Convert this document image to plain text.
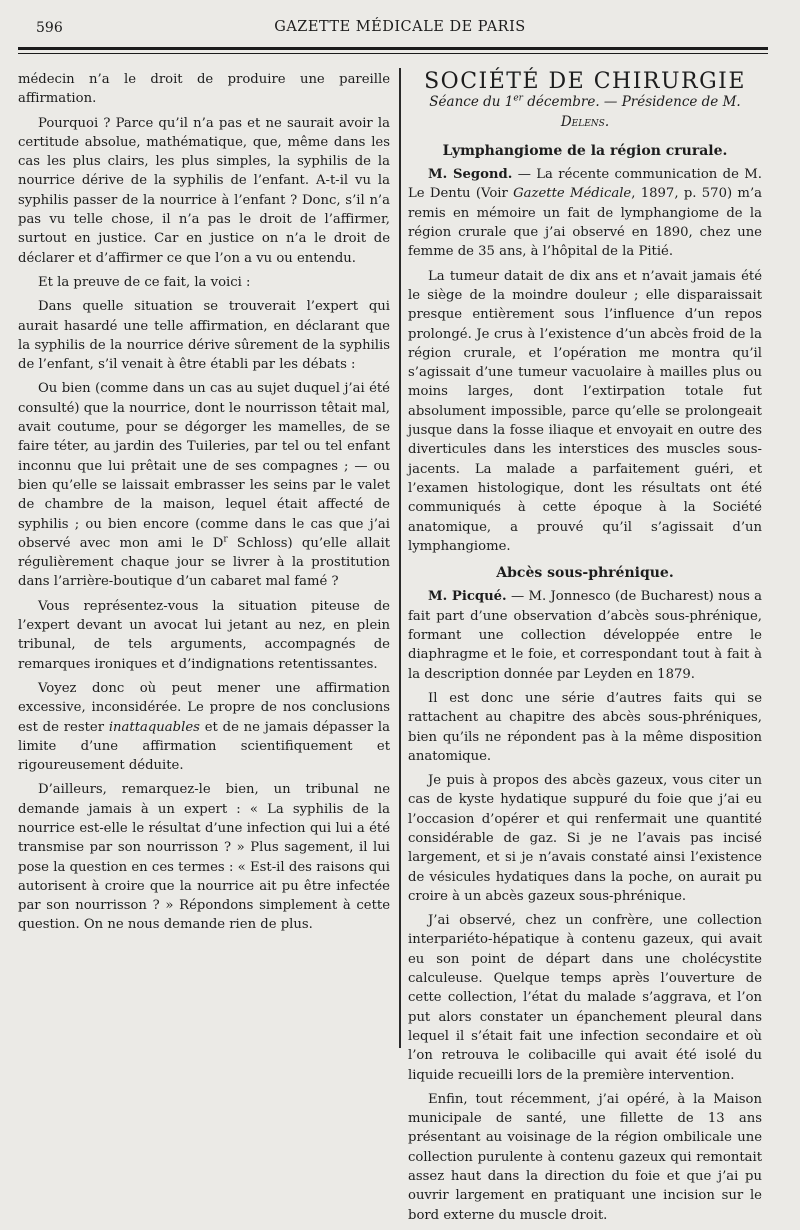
596	GAZETTE MÉDICALE DE PARIS

médecin n’a le droit de produire une pareille affirmation.

Pourquoi ? Parce qu’il n’a pas et ne saurait avoir la certitude absolue, mathématique, que, même dans les cas les plus clairs, les plus simples, la syphilis de la nourrice dérive de la syphilis de l’enfant. A-t-il vu la syphilis passer de la nourrice à l’enfant ? Donc, s’il n’a pas vu telle chose, il n’a pas le droit de l’affirmer, surtout en justice. Car en justice on n’a le droit de déclarer et d’affirmer ce que l’on a vu ou entendu.

Et la preuve de ce fait, la voici :

Dans quelle situation se trouverait l’expert qui aurait hasardé une telle affirmation, en déclarant que la syphilis de la nourrice dérive sûrement de la syphilis de l’enfant, s’il venait à être établi par les débats :

Ou bien (comme dans un cas au sujet duquel j’ai été consulté) que la nourrice, dont le nourrisson têtait mal, avait coutume, pour se dégorger les mamelles, de se faire téter, au jardin des Tuileries, par tel ou tel enfant inconnu que lui prêtait une de ses compagnes ; — ou bien qu’elle se laissait embrasser les seins par le valet de chambre de la maison, lequel était affecté de syphilis ; ou bien encore (comme dans le cas que j’ai observé avec mon ami le $D^r$ Schloss) qu’elle allait régulièrement chaque jour se livrer à la prostitution dans l’arrière-boutique d’un cabaret mal famé ?

Vous représentez-vous la situation piteuse de l’expert devant un avocat lui jetant au nez, en plein tribunal, de tels arguments, accompagnés de remarques ironiques et d’indignations retentissantes.

Voyez donc où peut mener une affirmation excessive, inconsidérée. Le propre de nos conclusions est de rester inattaquables et de ne jamais dépasser la limite d’une affirmation scientifiquement et rigoureusement déduite.

D’ailleurs, remarquez-le bien, un tribunal ne demande jamais à un expert : « La syphilis de la nourrice est-elle le résultat d’une infection qui lui a été transmise par son nourrisson ? » Plus sagement, il lui pose la question en ces termes : « Est-il des raisons qui autorisent à croire que la nourrice ait pu être infectée par son nourrisson ? » Répondons simplement à cette question. On ne nous demande rien de plus.

SOCIÉTÉ DE CHIRURGIE
Séance du 1er décembre. — Présidence de M. Delens.
Lymphangiome de la région crurale.

M. Segond. — La récente communication de M. Le Dentu (Voir Gazette Médicale, 1897, p. 570) m’a remis en mémoire un fait de lymphangiome de la région crurale que j’ai observé en 1890, chez une femme de 35 ans, à l’hôpital de la Pitié.

La tumeur datait de dix ans et n’avait jamais été le siège de la moindre douleur ; elle disparaissait presque entièrement sous l’influence d’un repos prolongé. Je crus à l’existence d’un abcès froid de la région crurale, et l’opération me montra qu’il s’agissait d’une tumeur vacuolaire à mailles plus ou moins larges, dont l’extirpation totale fut absolument impossible, parce qu’elle se prolongeait jusque dans la fosse iliaque et envoyait en outre des diverticules dans les interstices des muscles sous-jacents. La malade a parfaitement guéri, et l’examen histologique, dont les résultats ont été communiqués à cette époque à la Société anatomique, a prouvé qu’il s’agissait d’un lymphangiome.

Abcès sous-phrénique.

M. Picqué. — M. Jonnesco (de Bucharest) nous a fait part d’une observation d’abcès sous-phrénique, formant une collection développée entre le diaphragme et le foie, et correspondant tout à fait à la description donnée par Leyden en 1879.

Il est donc une série d’autres faits qui se rattachent au chapitre des abcès sous-phréniques, bien qu’ils ne répondent pas à la même disposition anatomique.

Je puis à propos des abcès gazeux, vous citer un cas de kyste hydatique suppuré du foie que j’ai eu l’occasion d’opérer et qui renfermait une quantité considérable de gaz. Si je ne l’avais pas incisé largement, et si je n’avais constaté ainsi l’existence de vésicules hydatiques dans la poche, on aurait pu croire à un abcès gazeux sous-phrénique.

J’ai observé, chez un confrère, une collection interpariéto-hépatique à contenu gazeux, qui avait eu son point de départ dans une cholécystite calculeuse. Quelque temps après l’ouverture de cette collection, l’état du malade s’aggrava, et l’on put alors constater un épanchement pleural dans lequel il s’était fait une infection secondaire et où l’on retrouva le colibacille qui avait été isolé du liquide recueilli lors de la première intervention.

Enfin, tout récemment, j’ai opéré, à la Maison municipale de santé, une fillette de 13 ans présentant au voisinage de la région ombilicale une collection purulente à contenu gazeux qui remontait assez haut dans la direction du foie et que j’ai pu ouvrir largement en pratiquant une incision sur le bord externe du muscle droit.
